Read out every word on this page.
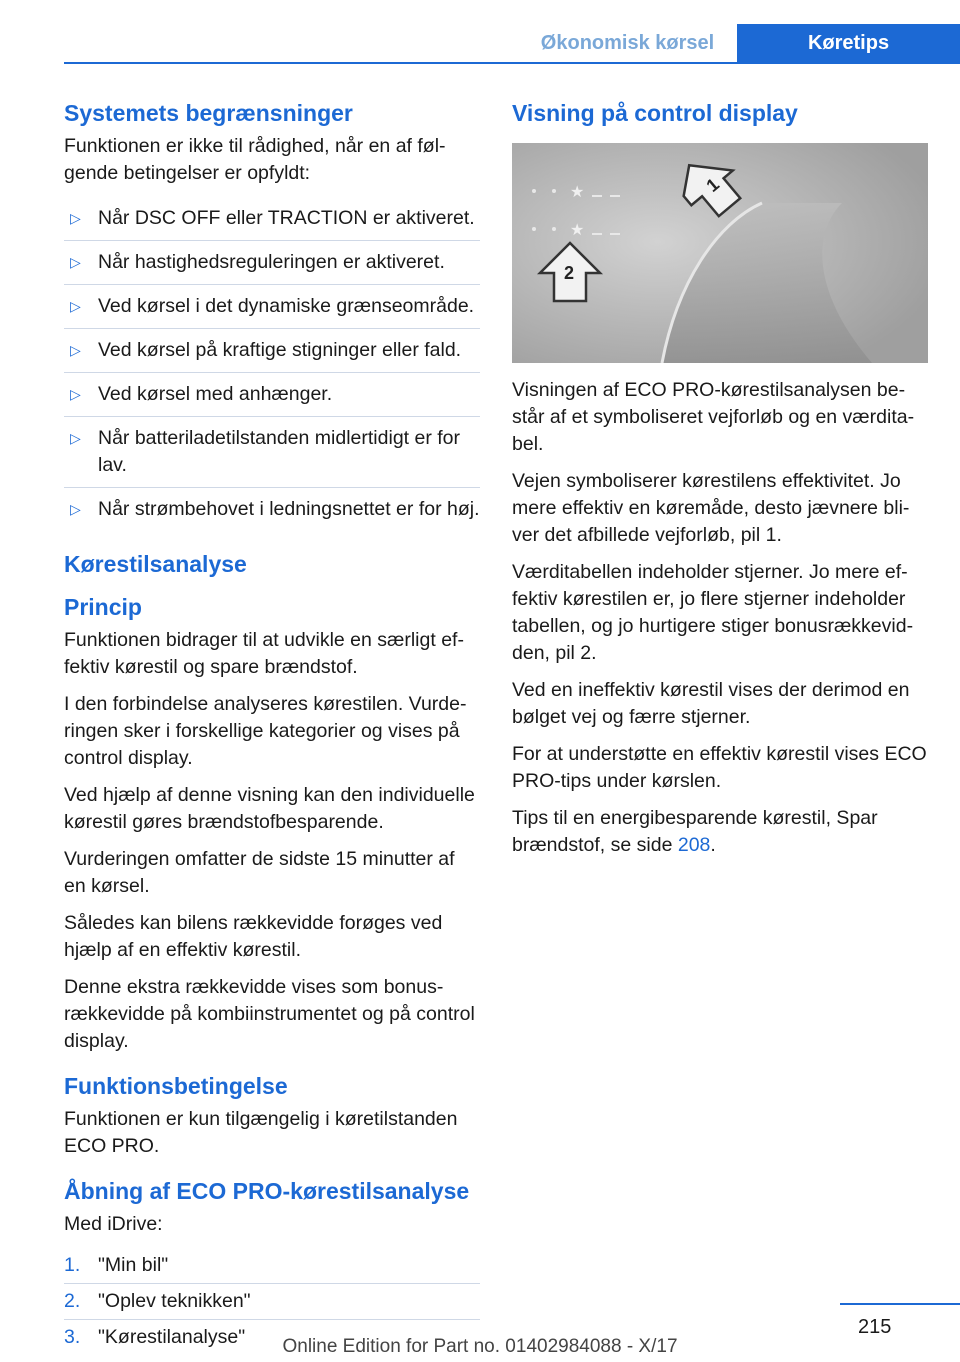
Økonomisk kørsel	Køretips
Systemets begrænsninger

Funktionen er ikke til rådighed, når en af følgende betingelser er opfyldt:

▷ Når DSC OFF eller TRACTION er aktiveret.
▷ Når hastighedsreguleringen er aktiveret.
▷ Ved kørsel i det dynamiske grænseområde.
▷ Ved kørsel på kraftige stigninger eller fald.
▷ Ved kørsel med anhænger.
▷ Når batteriladetilstanden midlertidigt er for lav.
▷ Når strømbehovet i ledningsnettet er for høj.
Kørestilsanalyse
Princip

Funktionen bidrager til at udvikle en særligt effektiv kørestil og spare brændstof.

I den forbindelse analyseres kørestilen. Vurderingen sker i forskellige kategorier og vises på control display.

Ved hjælp af denne visning kan den individuelle kørestil gøres brændstofbesparende.

Vurderingen omfatter de sidste 15 minutter af en kørsel.

Således kan bilens rækkevidde forøges ved hjælp af en effektiv kørestil.

Denne ekstra rækkevidde vises som bonusrækkevidde på kombiinstrumentet og på control display.

Funktionsbetingelse

Funktionen er kun tilgængelig i køretilstanden ECO PRO.

Åbning af ECO PRO-kørestilsanalyse

Med iDrive:

1. "Min bil"
2. "Oplev teknikken"
3. "Kørestilanalyse"
Visning på control display
★
★
1
2

Visningen af ECO PRO-kørestilsanalysen består af et symboliseret vejforløb og en værditabel.

Vejen symboliserer kørestilens effektivitet. Jo mere effektiv en køremåde, desto jævnere bliver det afbillede vejforløb, pil 1.

Værditabellen indeholder stjerner. Jo mere effektiv kørestilen er, jo flere stjerner indeholder tabellen, og jo hurtigere stiger bonusrækkevidden, pil 2.

Ved en ineffektiv kørestil vises der derimod en bølget vej og færre stjerner.

For at understøtte en effektiv kørestil vises ECO PRO-tips under kørslen.

Tips til en energibesparende kørestil, Spar brændstof, se side 208.

215
Online Edition for Part no. 01402984088 - X/17
